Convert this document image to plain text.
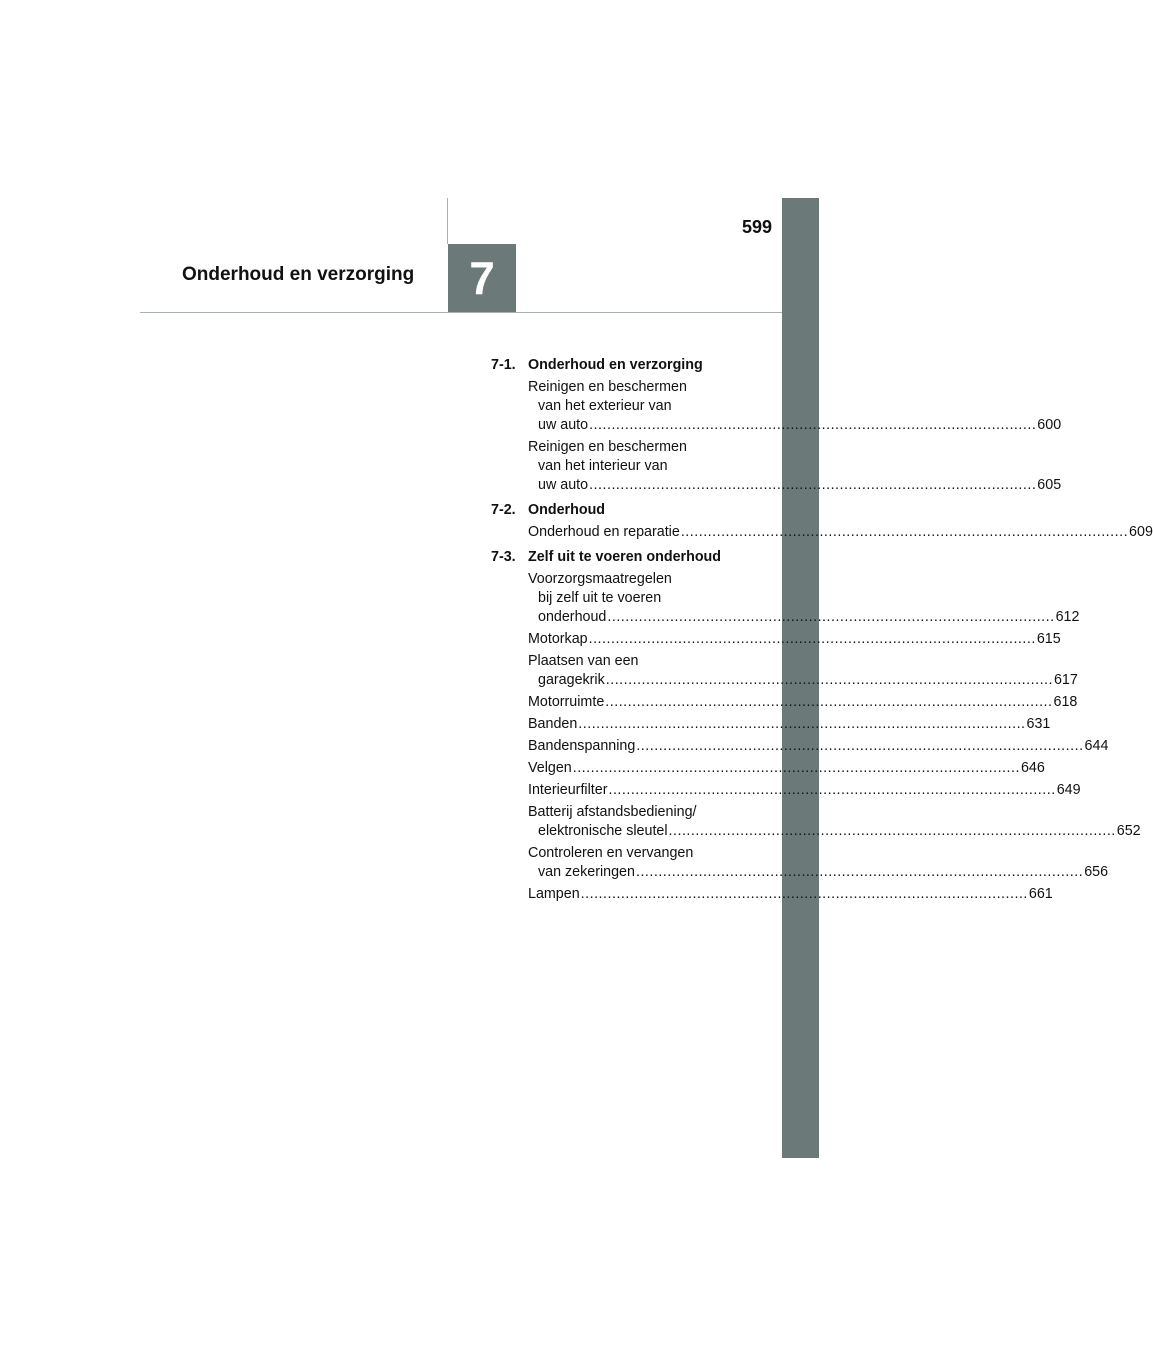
599
Onderhoud en verzorging 7
7-1. Onderhoud en verzorging
Reinigen en beschermen
van het exterieur van
uw auto .....	600
Reinigen en beschermen
van het interieur van
uw auto .....	605
7-2. Onderhoud
Onderhoud en reparatie .....	609
7-3. Zelf uit te voeren onderhoud
Voorzorgsmaatregelen
bij zelf uit te voeren
onderhoud .....	612
Motorkap .....	615
Plaatsen van een
garagekrik .....	617
Motorruimte .....	618
Banden .....	631
Bandenspanning .....	644
Velgen .....	646
Interieurfilter .....	649
Batterij afstandsbediening/
elektronische sleutel .....	652
Controleren en vervangen
van zekeringen .....	656
Lampen .....	661
